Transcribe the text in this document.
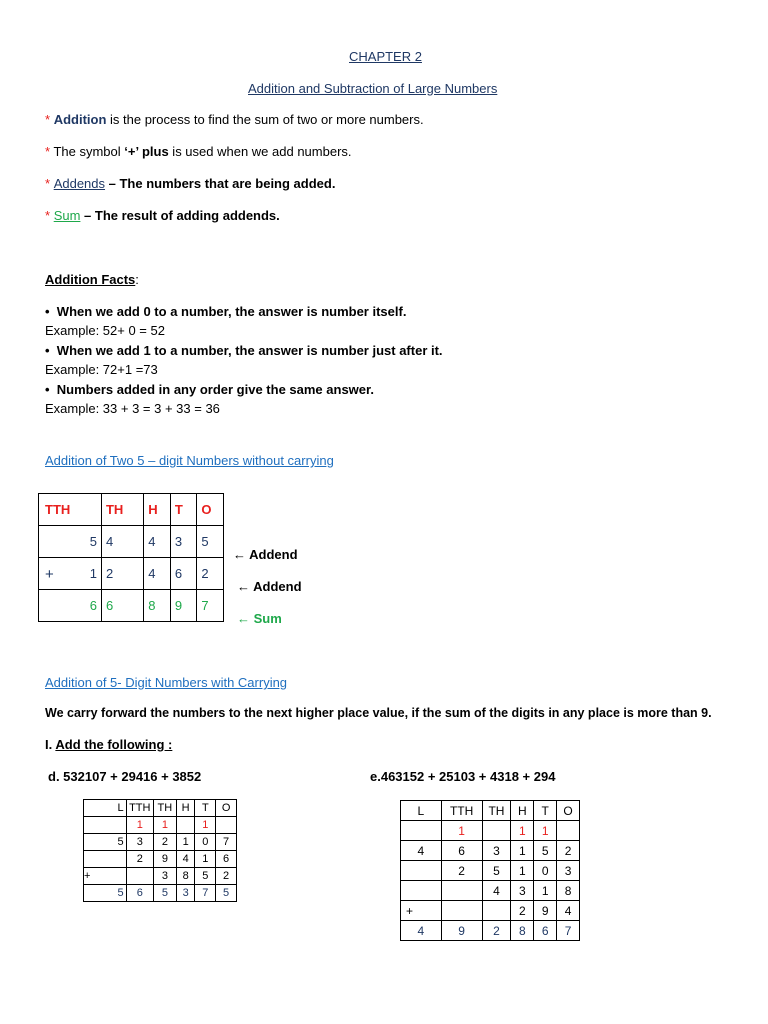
CHAPTER 2
Addition and Subtraction of Large Numbers
* Addition is the process to find the sum of two or more numbers.
* The symbol ‘+’ plus is used when we add numbers.
* Addends – The numbers that are being added.
* Sum – The result of adding addends.
Addition Facts:
• When we add 0 to a number, the answer is number itself.
Example: 52+ 0 = 52
• When we add 1 to a number, the answer is number just after it.
Example: 72+1 =73
• Numbers added in any order give the same answer.
Example: 33 + 3 = 3 + 33 = 36
Addition of Two 5 – digit Numbers without carrying
TTH	TH	H	T	O
5	4	4	3	5

+ 1	2	4	6	2
6	6	8	9	7
← Addend
← Addend
← Sum
Addition of 5- Digit Numbers with Carrying
We carry forward the numbers to the next higher place value, if the sum of the digits in any place is more than 9.
I. Add the following :
d. 532107 + 29416 + 3852	e.463152 + 25103 + 4318 + 294
L	TTH	TH	H	T	O
	1	1		1	
5	3	2	1	0	7
	2	9	4	1	6
+		3	8	5	2
5	6	5	3	7	5
L	TTH	TH	H	T	O
	1		1	1	
4	6	3	1	5	2
	2	5	1	0	3
		4	3	1	8
+			2	9	4
4	9	2	8	6	7
